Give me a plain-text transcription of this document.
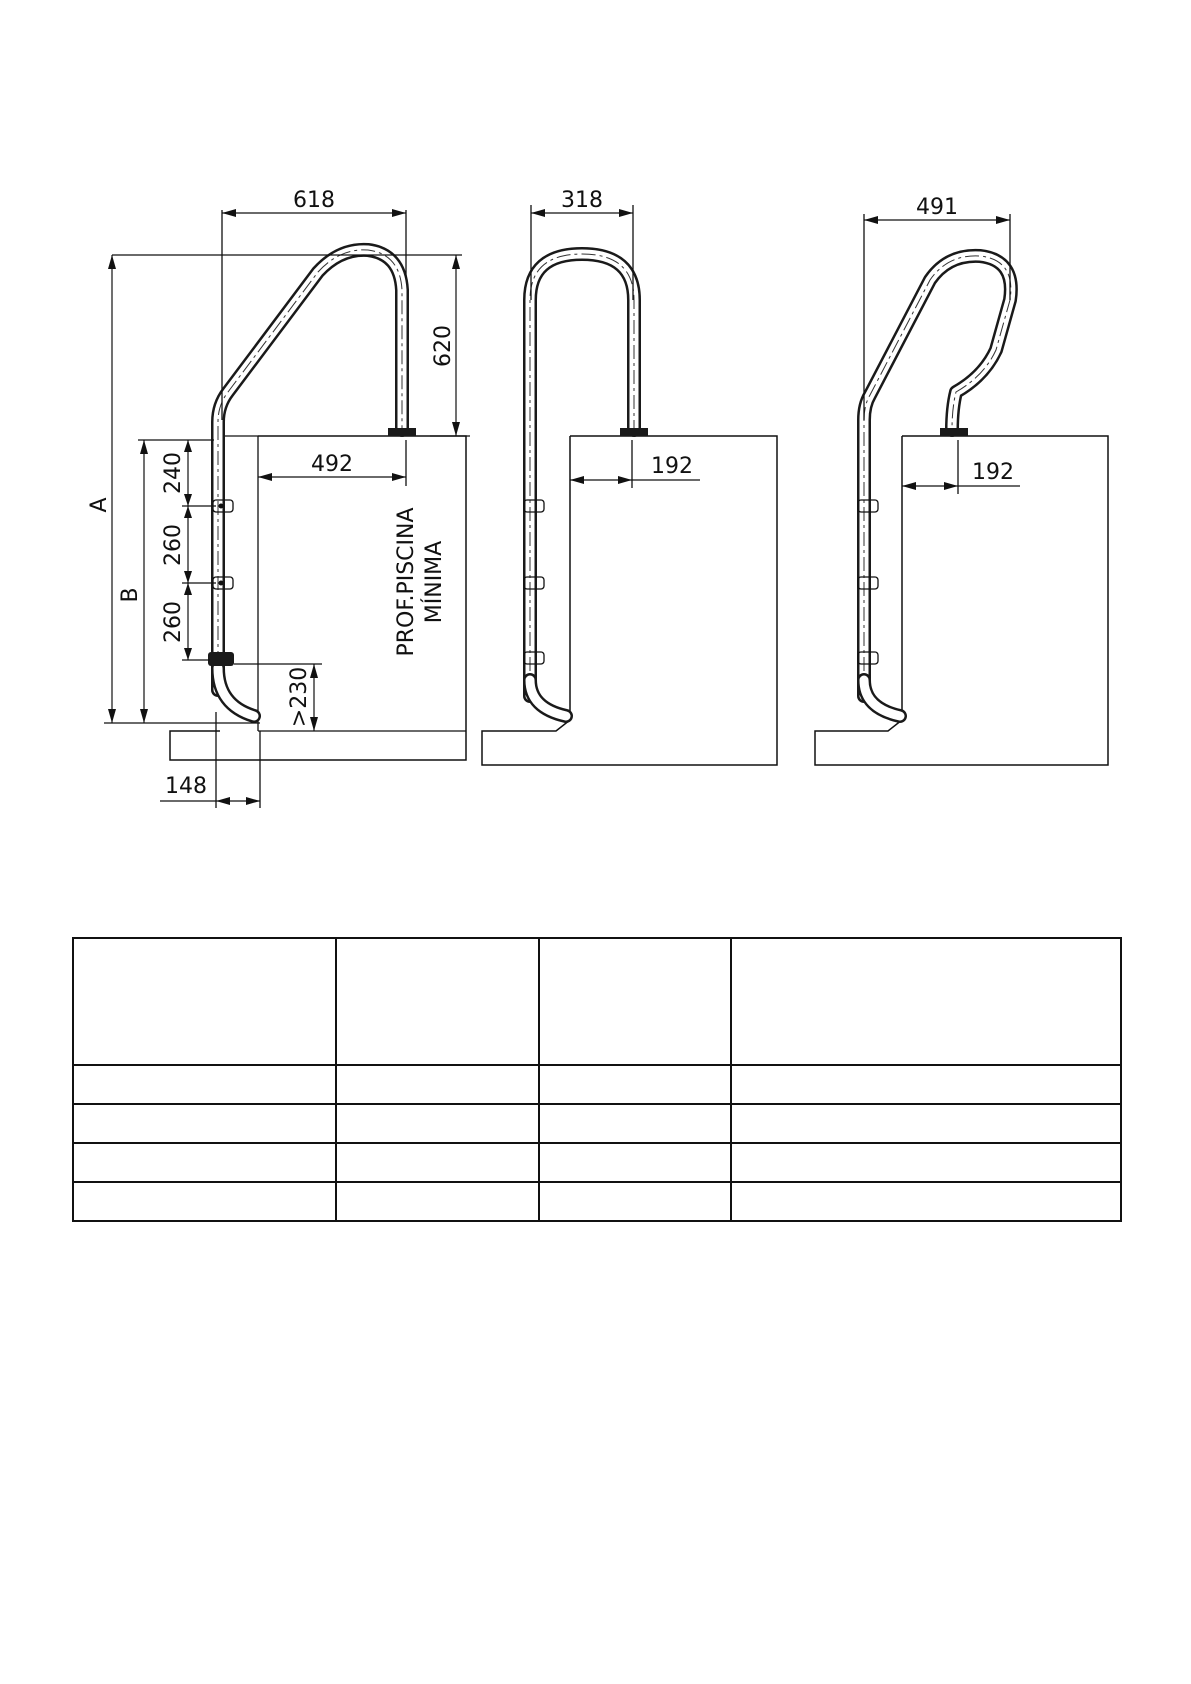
618
620
492
A
B
240
260
260
>230
148
PROF.PISCINA MÍNIMA
318
192
491
192
